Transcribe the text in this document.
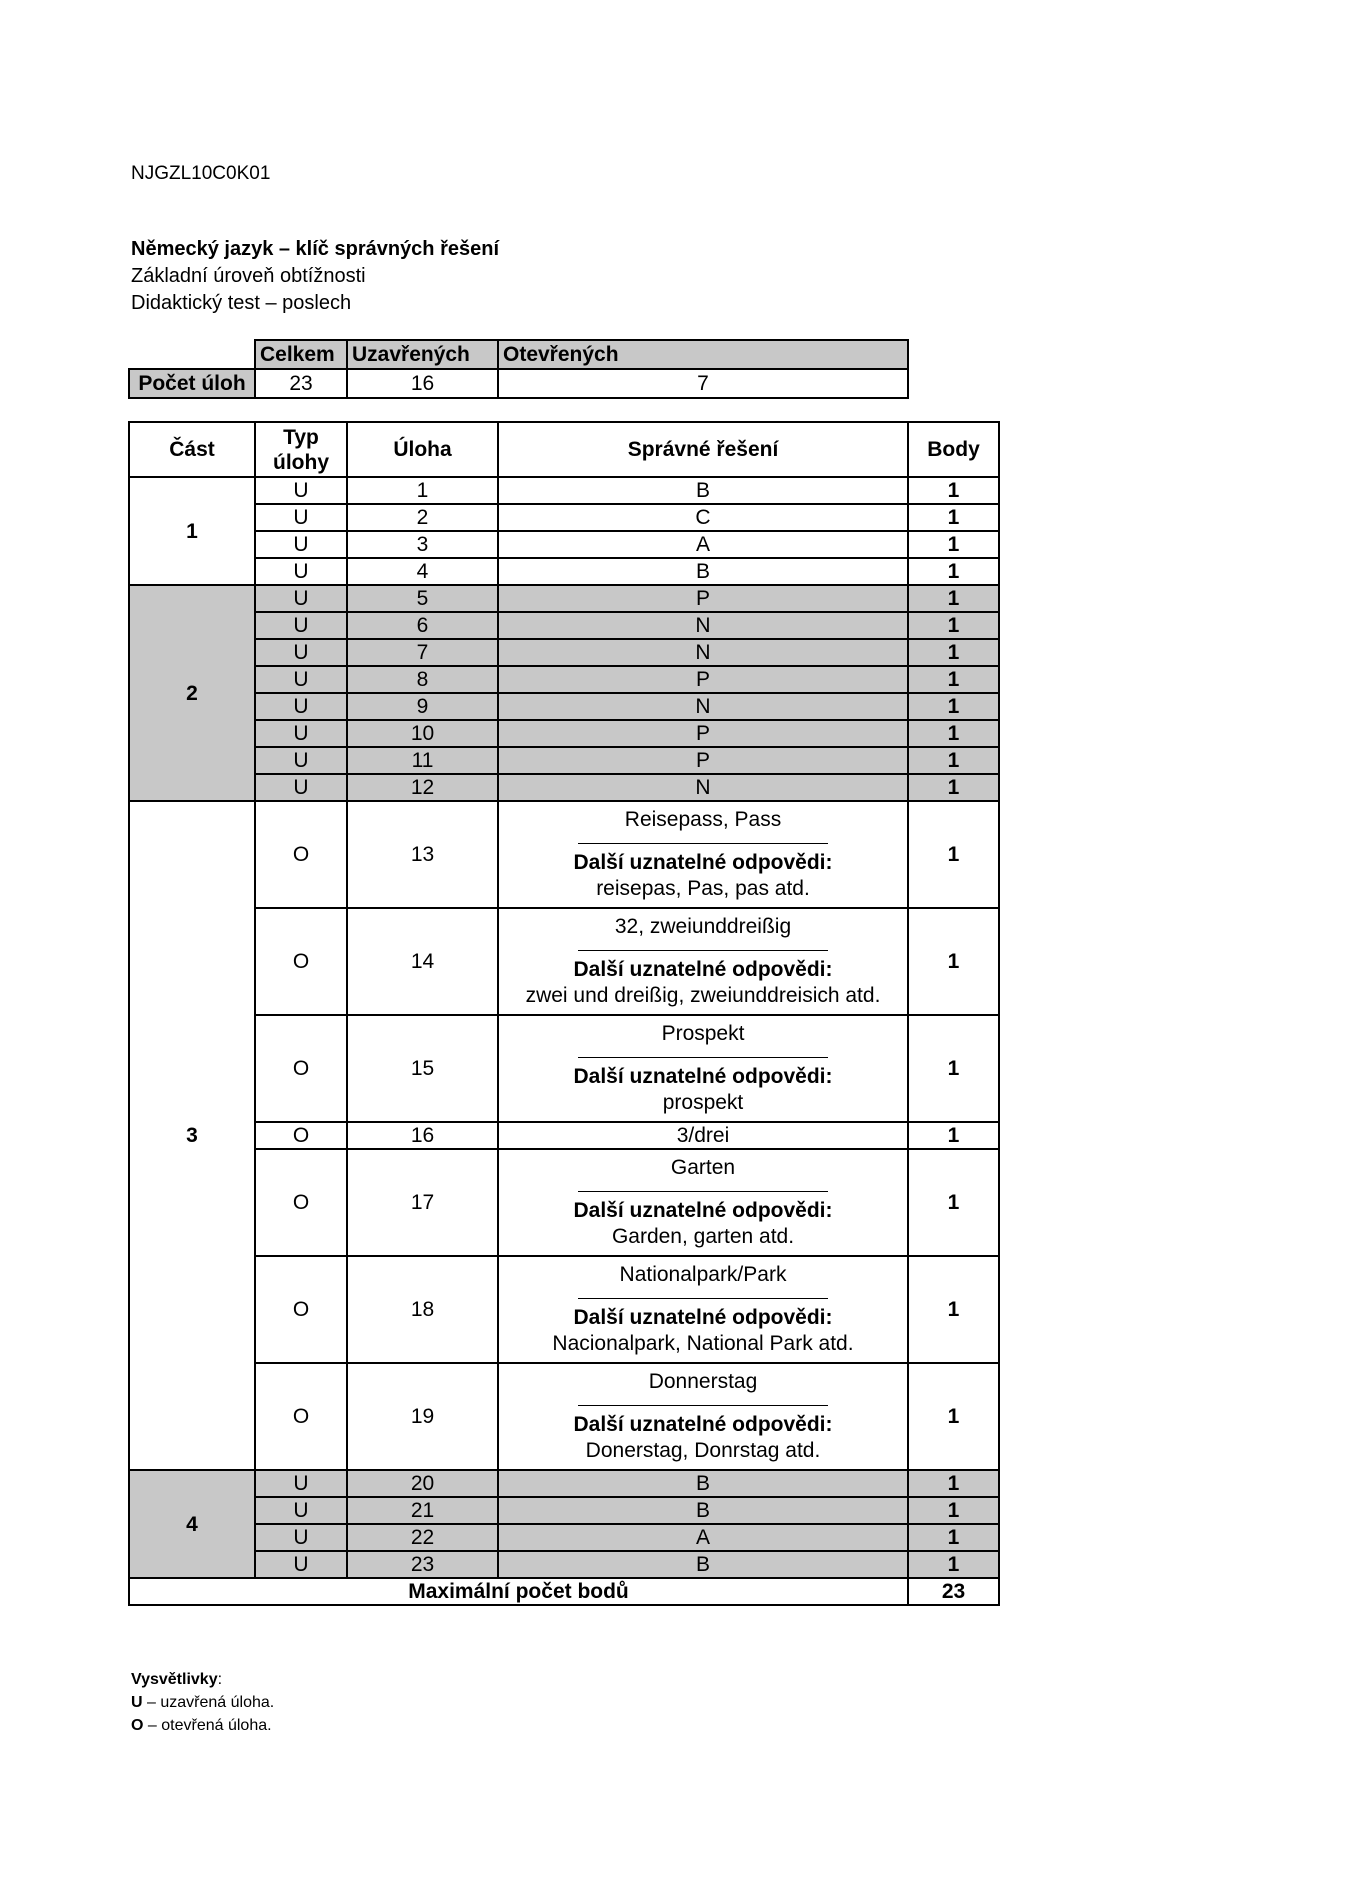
NJGZL10C0K01
Německý jazyk – klíč správných řešení
Základní úroveň obtížnosti
Didaktický test – poslech
	Celkem	Uzavřených	Otevřených
Počet úloh	23	16	7
Část	Typ úlohy	Úloha	Správné řešení	Body
1	U	1	B	1
	U	2	C	1
	U	3	A	1
	U	4	B	1
2	U	5	P	1
	U	6	N	1
	U	7	N	1
	U	8	P	1
	U	9	N	1
	U	10	P	1
	U	11	P	1
	U	12	N	1
3	O	13	Reisepass, Pass
Další uznatelné odpovědi:
reisepas, Pas, pas atd.	1
	O	14	32, zweiunddreißig
Další uznatelné odpovědi:
zwei und dreißig, zweiunddreisich atd.	1
	O	15	Prospekt
Další uznatelné odpovědi:
prospekt	1
	O	16	3/drei	1
	O	17	Garten
Další uznatelné odpovědi:
Garden, garten atd.	1
	O	18	Nationalpark/Park
Další uznatelné odpovědi:
Nacionalpark, National Park atd.	1
	O	19	Donnerstag
Další uznatelné odpovědi:
Donerstag, Donrstag atd.	1
4	U	20	B	1
	U	21	B	1
	U	22	A	1
	U	23	B	1
Maximální počet bodů				23
Vysvětlivky:
U – uzavřená úloha.
O – otevřená úloha.
